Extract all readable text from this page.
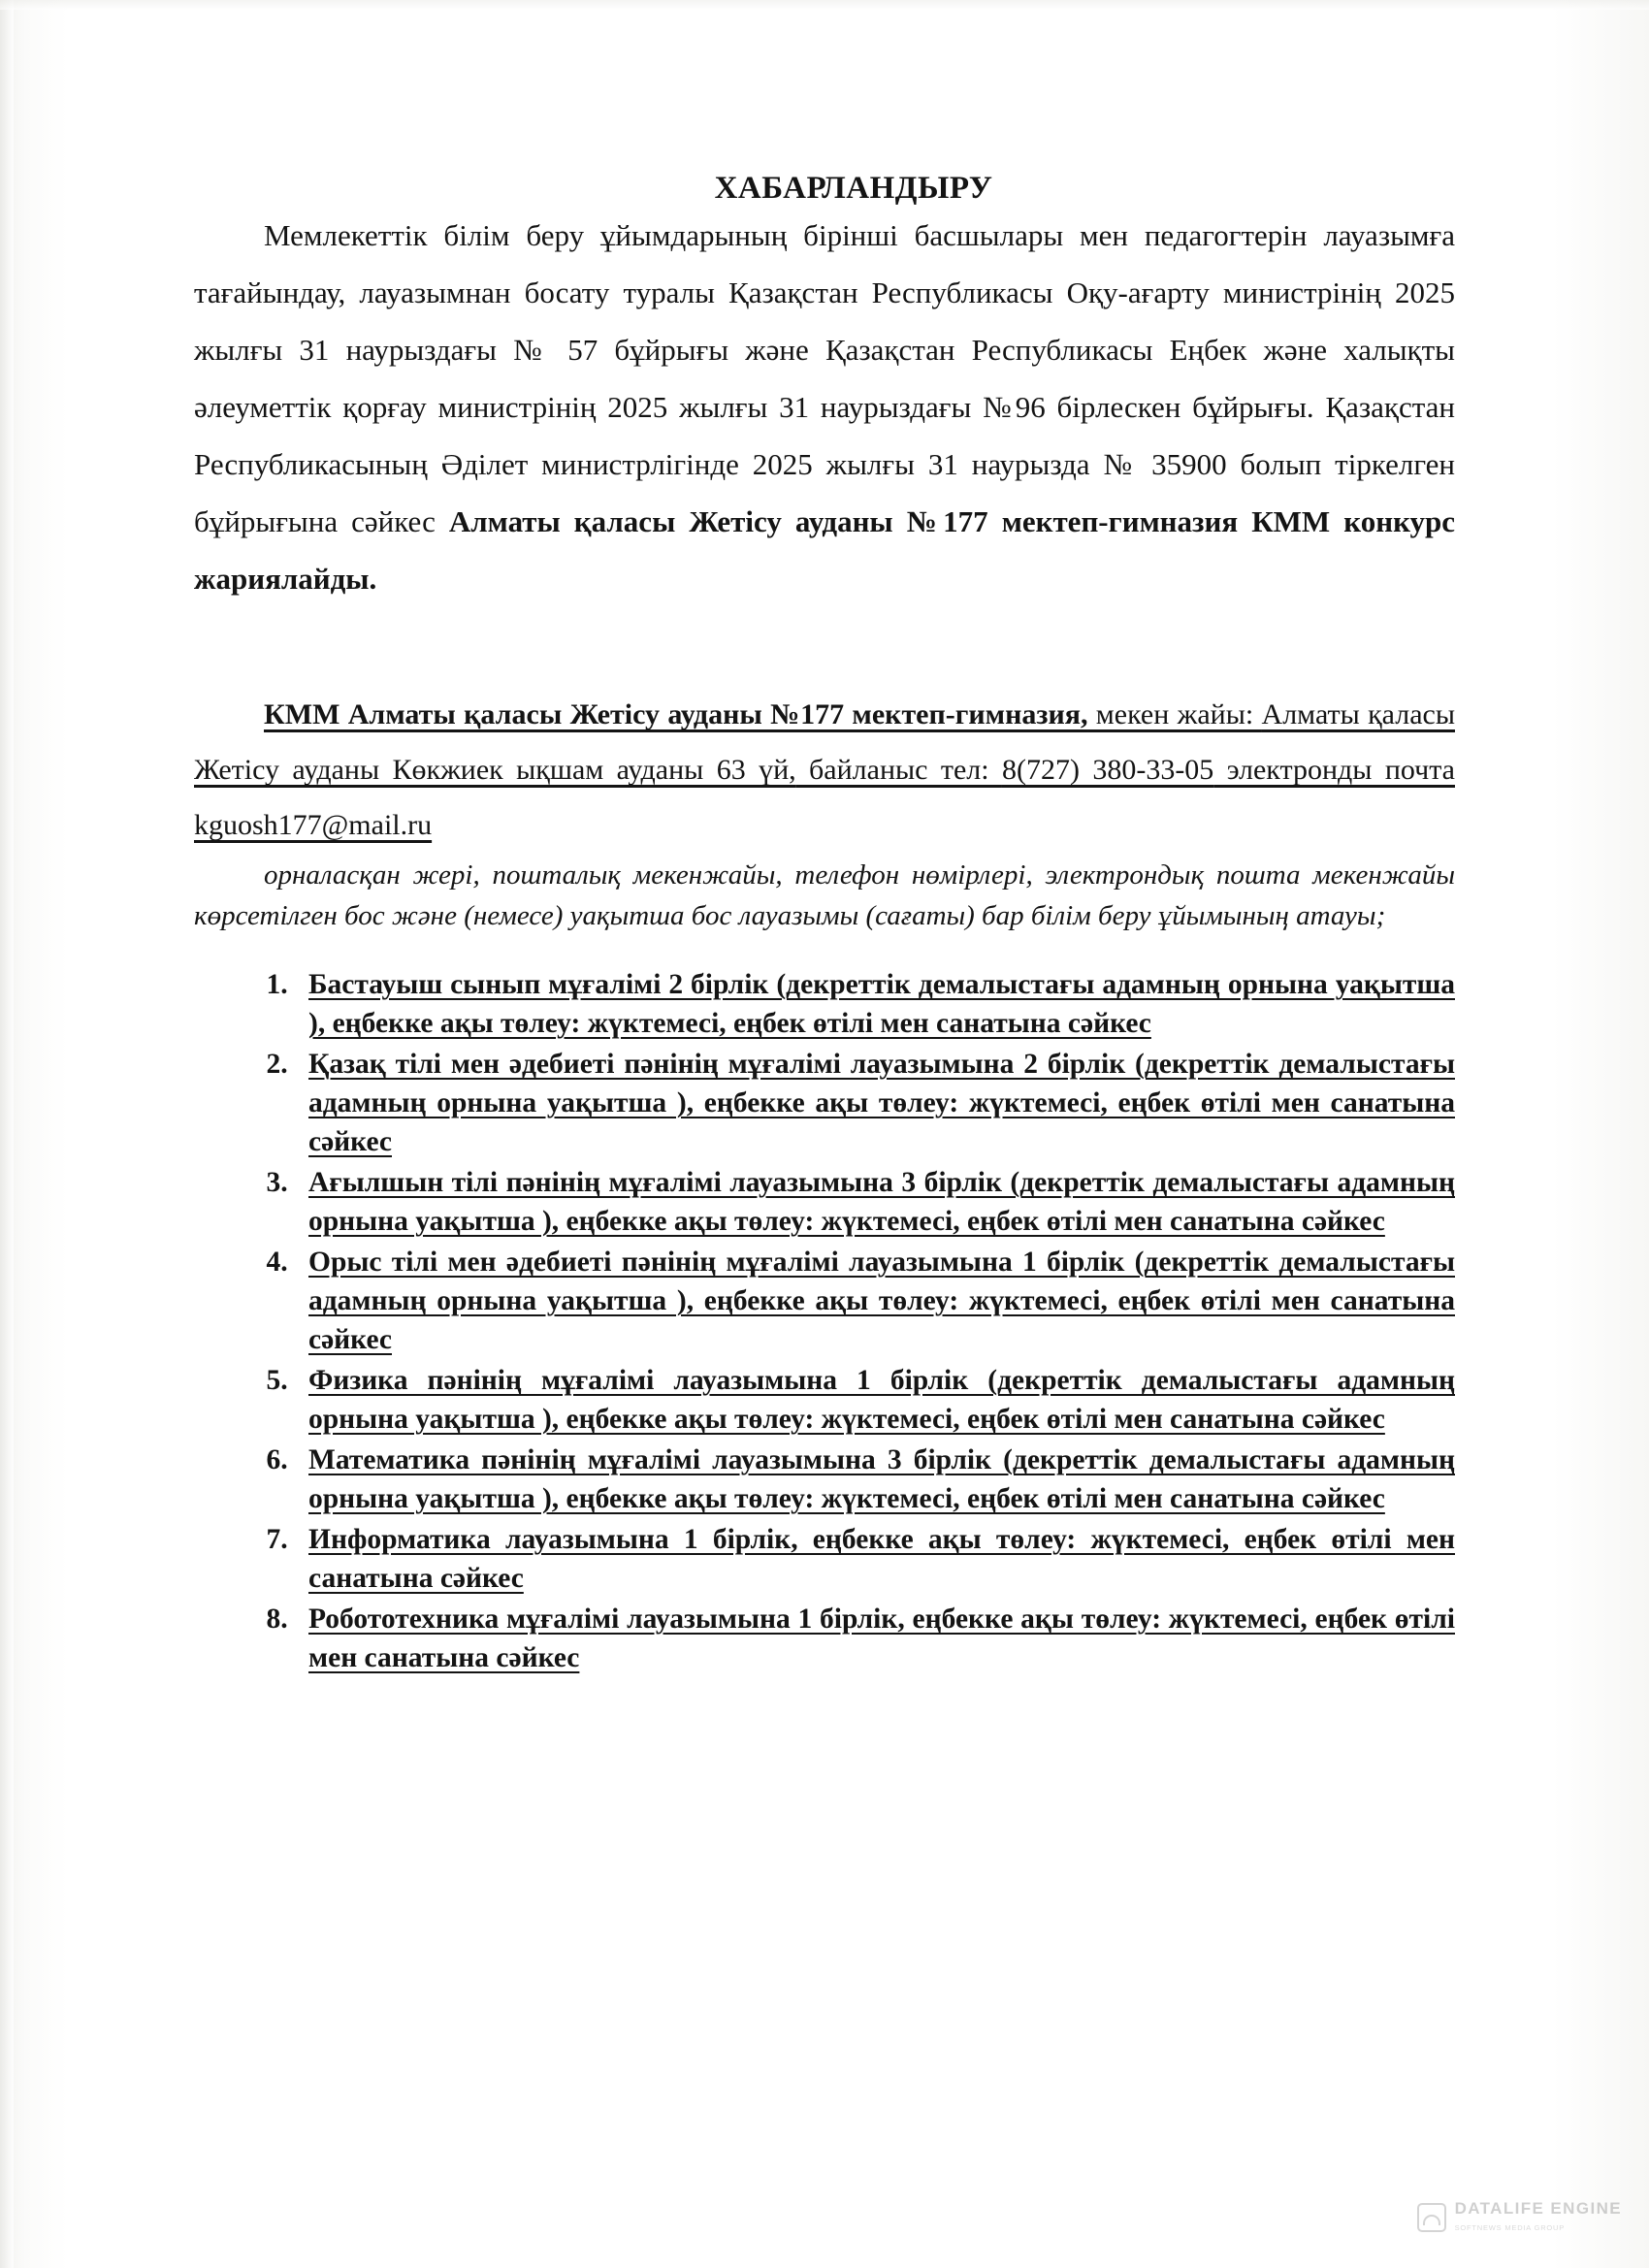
ХАБАРЛАНДЫРУ

Мемлекеттік білім беру ұйымдарының бірінші басшылары мен педагогтерін лауазымға тағайындау, лауазымнан босату туралы Қазақстан Республикасы Оқу-ағарту министрінің 2025 жылғы 31 наурыздағы № 57 бұйрығы және Қазақстан Республикасы Еңбек және халықты әлеуметтік қорғау министрінің 2025 жылғы 31 наурыздағы №96 бірлескен бұйрығы. Қазақстан Республикасының Әділет министрлігінде 2025 жылғы 31 наурызда № 35900 болып тіркелген бұйрығына сәйкес Алматы қаласы Жетісу ауданы №177 мектеп-гимназия КММ конкурс жариялайды.

КММ Алматы қаласы Жетісу ауданы №177 мектеп-гимназия, мекен жайы: Алматы қаласы Жетісу ауданы Көкжиек ықшам ауданы 63 үй, байланыс тел: 8(727) 380-33-05 электронды почта kguosh177@mail.ru

орналасқан жері, пошталық мекенжайы, телефон нөмірлері, электрондық пошта мекенжайы көрсетілген бос және (немесе) уақытша бос лауазымы (сағаты) бар білім беру ұйымының атауы;

1. Бастауыш сынып мұғалімі 2 бірлік (декреттік демалыстағы адамның орнына уақытша ), еңбекке ақы төлеу: жүктемесі, еңбек өтілі мен санатына сәйкес
2. Қазақ тілі мен әдебиеті пәнінің мұғалімі лауазымына 2 бірлік (декреттік демалыстағы адамның орнына уақытша ), еңбекке ақы төлеу: жүктемесі, еңбек өтілі мен санатына сәйкес
3. Ағылшын тілі пәнінің мұғалімі лауазымына 3 бірлік (декреттік демалыстағы адамның орнына уақытша ), еңбекке ақы төлеу: жүктемесі, еңбек өтілі мен санатына сәйкес
4. Орыс тілі мен әдебиеті пәнінің мұғалімі лауазымына 1 бірлік (декреттік демалыстағы адамның орнына уақытша ), еңбекке ақы төлеу: жүктемесі, еңбек өтілі мен санатына сәйкес
5. Физика пәнінің мұғалімі лауазымына 1 бірлік (декреттік демалыстағы адамның орнына уақытша ), еңбекке ақы төлеу: жүктемесі, еңбек өтілі мен санатына сәйкес
6. Математика пәнінің мұғалімі лауазымына 3 бірлік (декреттік демалыстағы адамның орнына уақытша ), еңбекке ақы төлеу: жүктемесі, еңбек өтілі мен санатына сәйкес
7. Информатика лауазымына 1 бірлік, еңбекке ақы төлеу: жүктемесі, еңбек өтілі мен санатына сәйкес
8. Робототехника мұғалімі лауазымына 1 бірлік, еңбекке ақы төлеу: жүктемесі, еңбек өтілі мен санатына сәйкес
DATALIFE ENGINE
SOFTNEWS MEDIA GROUP
